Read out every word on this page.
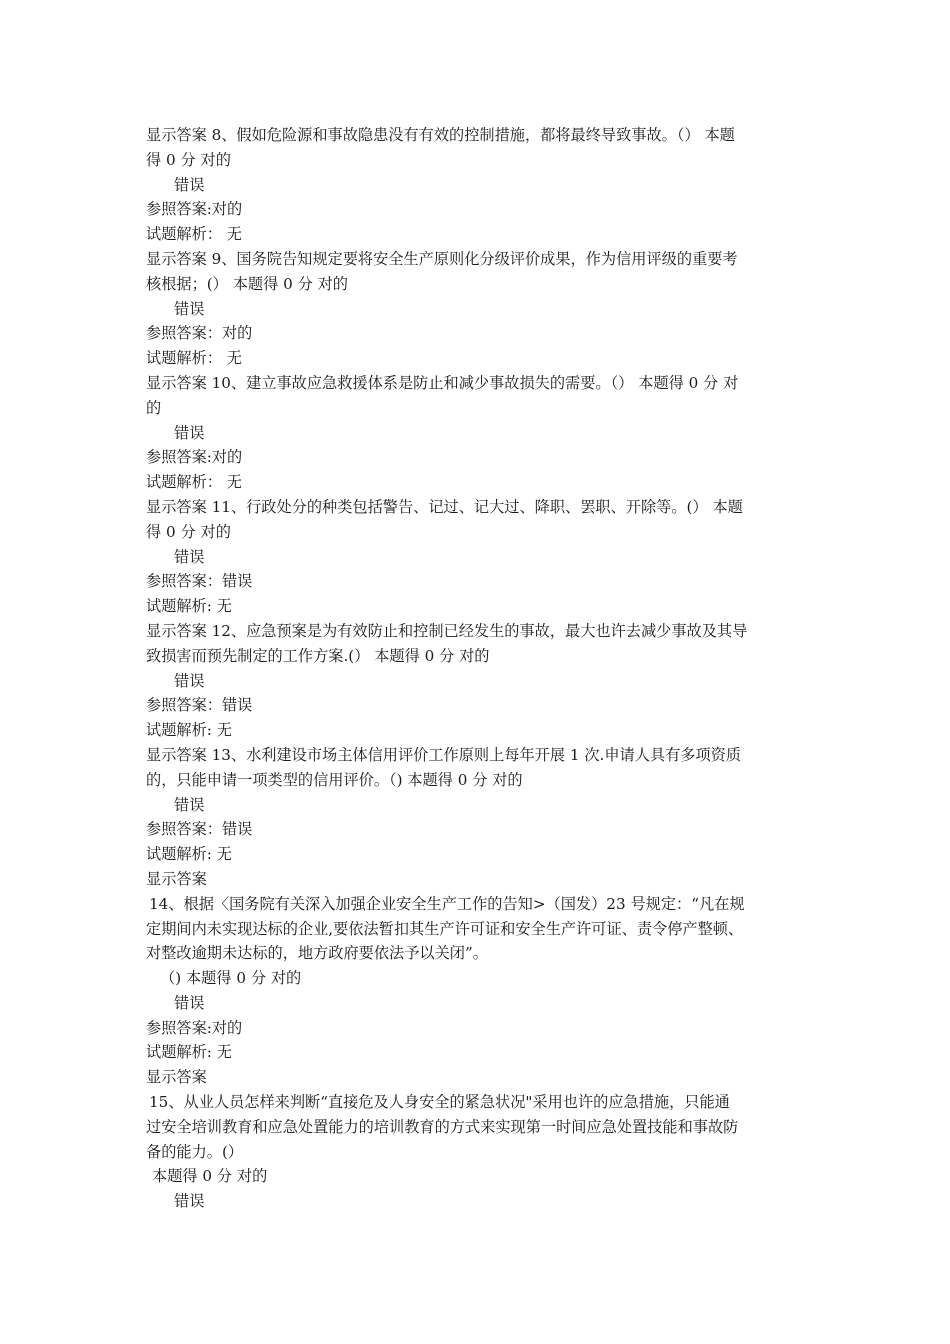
显示答案 8、假如危险源和事故隐患没有有效的控制措施，都将最终导致事故。（） 本题
得 0 分 对的
错误
参照答案:对的
试题解析： 无
显示答案 9、国务院告知规定要将安全生产原则化分级评价成果，作为信用评级的重要考
核根据；(） 本题得 0 分 对的
错误
参照答案：对的
试题解析： 无
显示答案 10、建立事故应急救援体系是防止和减少事故损失的需要。（） 本题得 0 分 对
的
错误
参照答案:对的
试题解析： 无
显示答案 11、行政处分的种类包括警告、记过、记大过、降职、罢职、开除等。(） 本题
得 0 分 对的
错误
参照答案：错误
试题解析: 无
显示答案 12、应急预案是为有效防止和控制已经发生的事故，最大也许去减少事故及其导
致损害而预先制定的工作方案.(） 本题得 0 分 对的
错误
参照答案：错误
试题解析: 无
显示答案 13、水利建设市场主体信用评价工作原则上每年开展 1 次.申请人具有多项资质
的，只能申请一项类型的信用评价。（) 本题得 0 分 对的
错误
参照答案：错误
试题解析: 无
显示答案
14、根据〈国务院有关深入加强企业安全生产工作的告知>（国发）23 号规定：“凡在规
定期间内未实现达标的企业,要依法暂扣其生产许可证和安全生产许可证、责令停产整顿、
对整改逾期未达标的，地方政府要依法予以关闭”。
（) 本题得 0 分 对的
错误
参照答案:对的
试题解析: 无
显示答案
15、从业人员怎样来判断“直接危及人身安全的紧急状况"采用也许的应急措施，只能通
过安全培训教育和应急处置能力的培训教育的方式来实现第一时间应急处置技能和事故防
备的能力。(）
本题得 0 分 对的
错误
